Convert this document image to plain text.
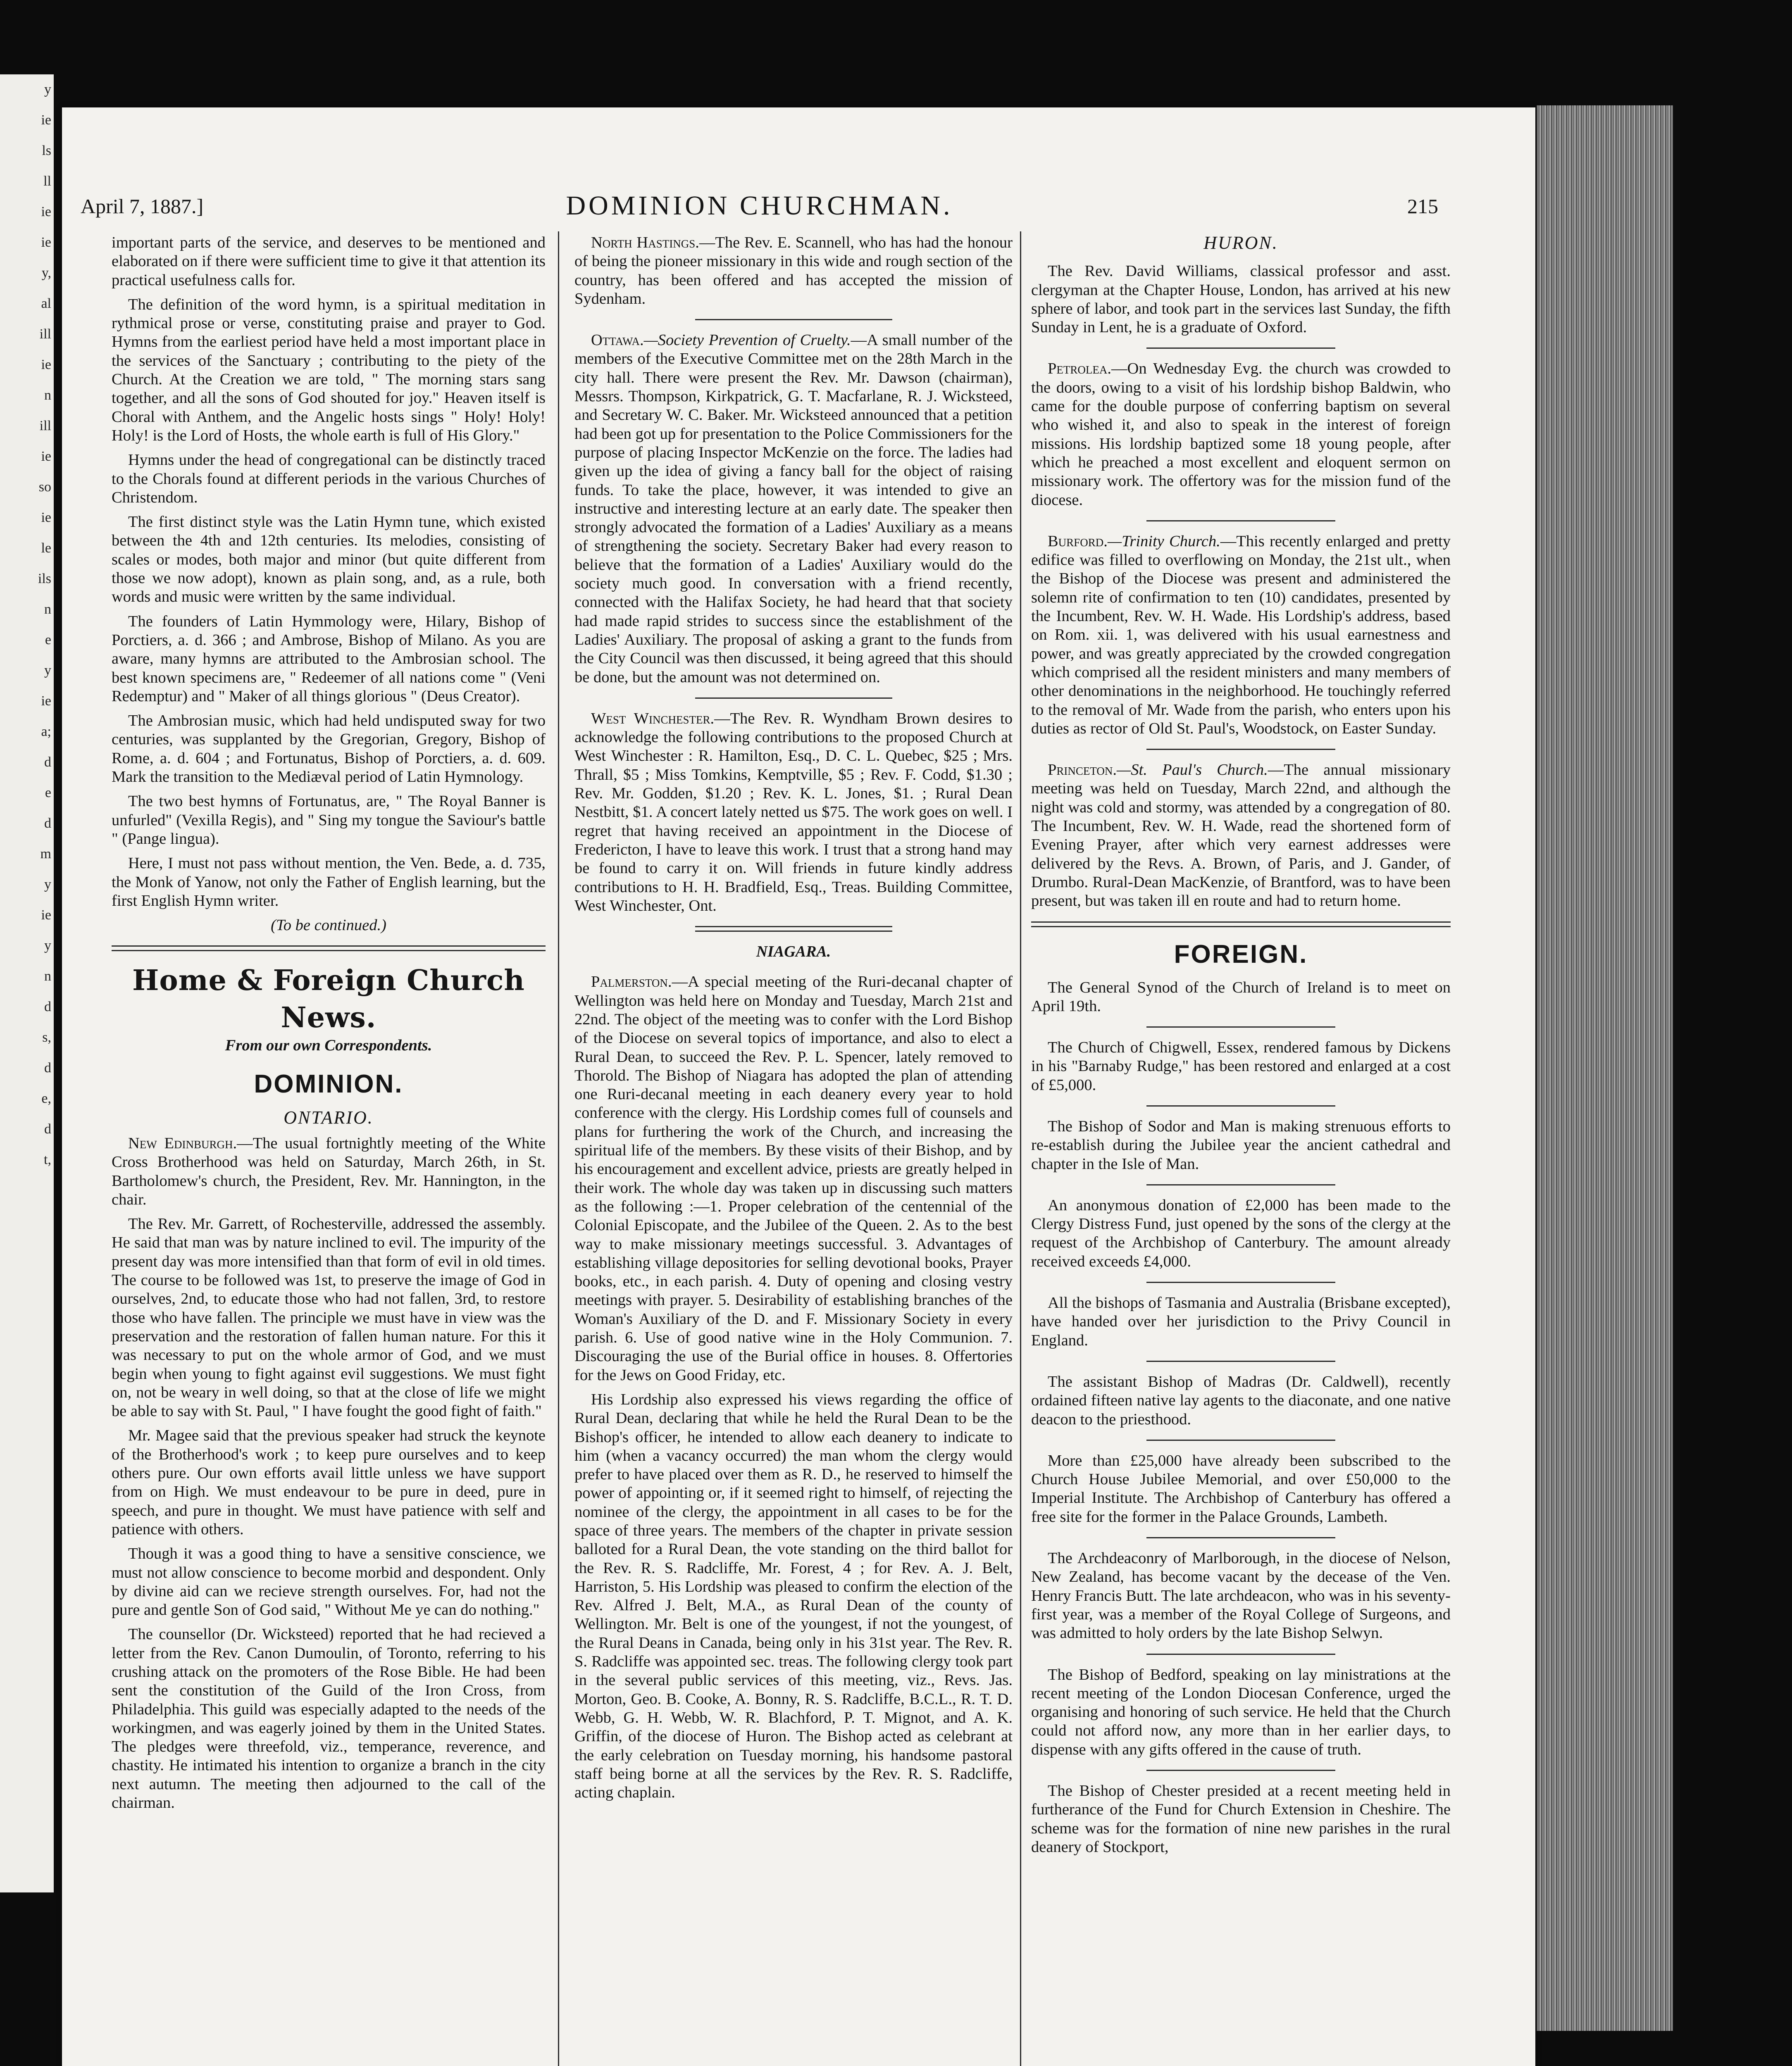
y
ie
ls
ll
ie
ie
y,
al
ill
ie
n
ill
ie
so
ie
le
ils
n
e
y
ie
a;
d
e
d
m
y
ie
y
n
d
s,
d
e,
d
t,
April 7, 1887.]	DOMINION CHURCHMAN.	215

important parts of the service, and deserves to be mentioned and elaborated on if there were sufficient time to give it that attention its practical usefulness calls for.

The definition of the word hymn, is a spiritual meditation in rythmical prose or verse, constituting praise and prayer to God. Hymns from the earliest period have held a most important place in the services of the Sanctuary ; contributing to the piety of the Church. At the Creation we are told, " The morning stars sang together, and all the sons of God shouted for joy." Heaven itself is Choral with Anthem, and the Angelic hosts sings " Holy! Holy! Holy! is the Lord of Hosts, the whole earth is full of His Glory."

Hymns under the head of congregational can be distinctly traced to the Chorals found at different periods in the various Churches of Christendom.

The first distinct style was the Latin Hymn tune, which existed between the 4th and 12th centuries. Its melodies, consisting of scales or modes, both major and minor (but quite different from those we now adopt), known as plain song, and, as a rule, both words and music were written by the same individual.

The founders of Latin Hymmology were, Hilary, Bishop of Porctiers, a. d. 366 ; and Ambrose, Bishop of Milano. As you are aware, many hymns are attributed to the Ambrosian school. The best known specimens are, " Redeemer of all nations come " (Veni Redemptur) and " Maker of all things glorious " (Deus Creator).

The Ambrosian music, which had held undisputed sway for two centuries, was supplanted by the Gregorian, Gregory, Bishop of Rome, a. d. 604 ; and Fortunatus, Bishop of Porctiers, a. d. 609. Mark the transition to the Mediæval period of Latin Hymnology.

The two best hymns of Fortunatus, are, " The Royal Banner is unfurled" (Vexilla Regis), and " Sing my tongue the Saviour's battle " (Pange lingua).

Here, I must not pass without mention, the Ven. Bede, a. d. 735, the Monk of Yanow, not only the Father of English learning, but the first English Hymn writer.

(To be continued.)
Home & Foreign Church News.
From our own Correspondents.
DOMINION.
ONTARIO.

New Edinburgh.—The usual fortnightly meeting of the White Cross Brotherhood was held on Saturday, March 26th, in St. Bartholomew's church, the President, Rev. Mr. Hannington, in the chair.

The Rev. Mr. Garrett, of Rochesterville, addressed the assembly. He said that man was by nature inclined to evil. The impurity of the present day was more intensified than that form of evil in old times. The course to be followed was 1st, to preserve the image of God in ourselves, 2nd, to educate those who had not fallen, 3rd, to restore those who have fallen. The principle we must have in view was the preservation and the restoration of fallen human nature. For this it was necessary to put on the whole armor of God, and we must begin when young to fight against evil suggestions. We must fight on, not be weary in well doing, so that at the close of life we might be able to say with St. Paul, " I have fought the good fight of faith."

Mr. Magee said that the previous speaker had struck the keynote of the Brotherhood's work ; to keep pure ourselves and to keep others pure. Our own efforts avail little unless we have support from on High. We must endeavour to be pure in deed, pure in speech, and pure in thought. We must have patience with self and patience with others.

Though it was a good thing to have a sensitive conscience, we must not allow conscience to become morbid and despondent. Only by divine aid can we recieve strength ourselves. For, had not the pure and gentle Son of God said, " Without Me ye can do nothing."

The counsellor (Dr. Wicksteed) reported that he had recieved a letter from the Rev. Canon Dumoulin, of Toronto, referring to his crushing attack on the promoters of the Rose Bible. He had been sent the constitution of the Guild of the Iron Cross, from Philadelphia. This guild was especially adapted to the needs of the workingmen, and was eagerly joined by them in the United States. The pledges were threefold, viz., temperance, reverence, and chastity. He intimated his intention to organize a branch in the city next autumn. The meeting then adjourned to the call of the chairman.

North Hastings.—The Rev. E. Scannell, who has had the honour of being the pioneer missionary in this wide and rough section of the country, has been offered and has accepted the mission of Sydenham.

Ottawa.—Society Prevention of Cruelty.—A small number of the members of the Executive Committee met on the 28th March in the city hall. There were present the Rev. Mr. Dawson (chairman), Messrs. Thompson, Kirkpatrick, G. T. Macfarlane, R. J. Wicksteed, and Secretary W. C. Baker. Mr. Wicksteed announced that a petition had been got up for presentation to the Police Commissioners for the purpose of placing Inspector McKenzie on the force. The ladies had given up the idea of giving a fancy ball for the object of raising funds. To take the place, however, it was intended to give an instructive and interesting lecture at an early date. The speaker then strongly advocated the formation of a Ladies' Auxiliary as a means of strengthening the society. Secretary Baker had every reason to believe that the formation of a Ladies' Auxiliary would do the society much good. In conversation with a friend recently, connected with the Halifax Society, he had heard that that society had made rapid strides to success since the establishment of the Ladies' Auxiliary. The proposal of asking a grant to the funds from the City Council was then discussed, it being agreed that this should be done, but the amount was not determined on.

West Winchester.—The Rev. R. Wyndham Brown desires to acknowledge the following contributions to the proposed Church at West Winchester : R. Hamilton, Esq., D. C. L. Quebec, $25 ; Mrs. Thrall, $5 ; Miss Tomkins, Kemptville, $5 ; Rev. F. Codd, $1.30 ; Rev. Mr. Godden, $1.20 ; Rev. K. L. Jones, $1. ; Rural Dean Nestbitt, $1. A concert lately netted us $75. The work goes on well. I regret that having received an appointment in the Diocese of Fredericton, I have to leave this work. I trust that a strong hand may be found to carry it on. Will friends in future kindly address contributions to H. H. Bradfield, Esq., Treas. Building Committee, West Winchester, Ont.

NIAGARA.

Palmerston.—A special meeting of the Ruri-decanal chapter of Wellington was held here on Monday and Tuesday, March 21st and 22nd. The object of the meeting was to confer with the Lord Bishop of the Diocese on several topics of importance, and also to elect a Rural Dean, to succeed the Rev. P. L. Spencer, lately removed to Thorold. The Bishop of Niagara has adopted the plan of attending one Ruri-decanal meeting in each deanery every year to hold conference with the clergy. His Lordship comes full of counsels and plans for furthering the work of the Church, and increasing the spiritual life of the members. By these visits of their Bishop, and by his encouragement and excellent advice, priests are greatly helped in their work. The whole day was taken up in discussing such matters as the following :—1. Proper celebration of the centennial of the Colonial Episcopate, and the Jubilee of the Queen. 2. As to the best way to make missionary meetings successful. 3. Advantages of establishing village depositories for selling devotional books, Prayer books, etc., in each parish. 4. Duty of opening and closing vestry meetings with prayer. 5. Desirability of establishing branches of the Woman's Auxiliary of the D. and F. Missionary Society in every parish. 6. Use of good native wine in the Holy Communion. 7. Discouraging the use of the Burial office in houses. 8. Offertories for the Jews on Good Friday, etc.

His Lordship also expressed his views regarding the office of Rural Dean, declaring that while he held the Rural Dean to be the Bishop's officer, he intended to allow each deanery to indicate to him (when a vacancy occurred) the man whom the clergy would prefer to have placed over them as R. D., he reserved to himself the power of appointing or, if it seemed right to himself, of rejecting the nominee of the clergy, the appointment in all cases to be for the space of three years. The members of the chapter in private session balloted for a Rural Dean, the vote standing on the third ballot for the Rev. R. S. Radcliffe, Mr. Forest, 4 ; for Rev. A. J. Belt, Harriston, 5. His Lordship was pleased to confirm the election of the Rev. Alfred J. Belt, M.A., as Rural Dean of the county of Wellington. Mr. Belt is one of the youngest, if not the youngest, of the Rural Deans in Canada, being only in his 31st year. The Rev. R. S. Radcliffe was appointed sec. treas. The following clergy took part in the several public services of this meeting, viz., Revs. Jas. Morton, Geo. B. Cooke, A. Bonny, R. S. Radcliffe, B.C.L., R. T. D. Webb, G. H. Webb, W. R. Blachford, P. T. Mignot, and A. K. Griffin, of the diocese of Huron. The Bishop acted as celebrant at the early celebration on Tuesday morning, his handsome pastoral staff being borne at all the services by the Rev. R. S. Radcliffe, acting chaplain.

HURON.

The Rev. David Williams, classical professor and asst. clergyman at the Chapter House, London, has arrived at his new sphere of labor, and took part in the services last Sunday, the fifth Sunday in Lent, he is a graduate of Oxford.

Petrolea.—On Wednesday Evg. the church was crowded to the doors, owing to a visit of his lordship bishop Baldwin, who came for the double purpose of conferring baptism on several who wished it, and also to speak in the interest of foreign missions. His lordship baptized some 18 young people, after which he preached a most excellent and eloquent sermon on missionary work. The offertory was for the mission fund of the diocese.

Burford.—Trinity Church.—This recently enlarged and pretty edifice was filled to overflowing on Monday, the 21st ult., when the Bishop of the Diocese was present and administered the solemn rite of confirmation to ten (10) candidates, presented by the Incumbent, Rev. W. H. Wade. His Lordship's address, based on Rom. xii. 1, was delivered with his usual earnestness and power, and was greatly appreciated by the crowded congregation which comprised all the resident ministers and many members of other denominations in the neighborhood. He touchingly referred to the removal of Mr. Wade from the parish, who enters upon his duties as rector of Old St. Paul's, Woodstock, on Easter Sunday.

Princeton.—St. Paul's Church.—The annual missionary meeting was held on Tuesday, March 22nd, and although the night was cold and stormy, was attended by a congregation of 80. The Incumbent, Rev. W. H. Wade, read the shortened form of Evening Prayer, after which very earnest addresses were delivered by the Revs. A. Brown, of Paris, and J. Gander, of Drumbo. Rural-Dean MacKenzie, of Brantford, was to have been present, but was taken ill en route and had to return home.

FOREIGN.

The General Synod of the Church of Ireland is to meet on April 19th.

The Church of Chigwell, Essex, rendered famous by Dickens in his "Barnaby Rudge," has been restored and enlarged at a cost of £5,000.

The Bishop of Sodor and Man is making strenuous efforts to re-establish during the Jubilee year the ancient cathedral and chapter in the Isle of Man.

An anonymous donation of £2,000 has been made to the Clergy Distress Fund, just opened by the sons of the clergy at the request of the Archbishop of Canterbury. The amount already received exceeds £4,000.

All the bishops of Tasmania and Australia (Brisbane excepted), have handed over her jurisdiction to the Privy Council in England.

The assistant Bishop of Madras (Dr. Caldwell), recently ordained fifteen native lay agents to the diaconate, and one native deacon to the priesthood.

More than £25,000 have already been subscribed to the Church House Jubilee Memorial, and over £50,000 to the Imperial Institute. The Archbishop of Canterbury has offered a free site for the former in the Palace Grounds, Lambeth.

The Archdeaconry of Marlborough, in the diocese of Nelson, New Zealand, has become vacant by the decease of the Ven. Henry Francis Butt. The late archdeacon, who was in his seventy-first year, was a member of the Royal College of Surgeons, and was admitted to holy orders by the late Bishop Selwyn.

The Bishop of Bedford, speaking on lay ministrations at the recent meeting of the London Diocesan Conference, urged the organising and honoring of such service. He held that the Church could not afford now, any more than in her earlier days, to dispense with any gifts offered in the cause of truth.

The Bishop of Chester presided at a recent meeting held in furtherance of the Fund for Church Extension in Cheshire. The scheme was for the formation of nine new parishes in the rural deanery of Stockport,
